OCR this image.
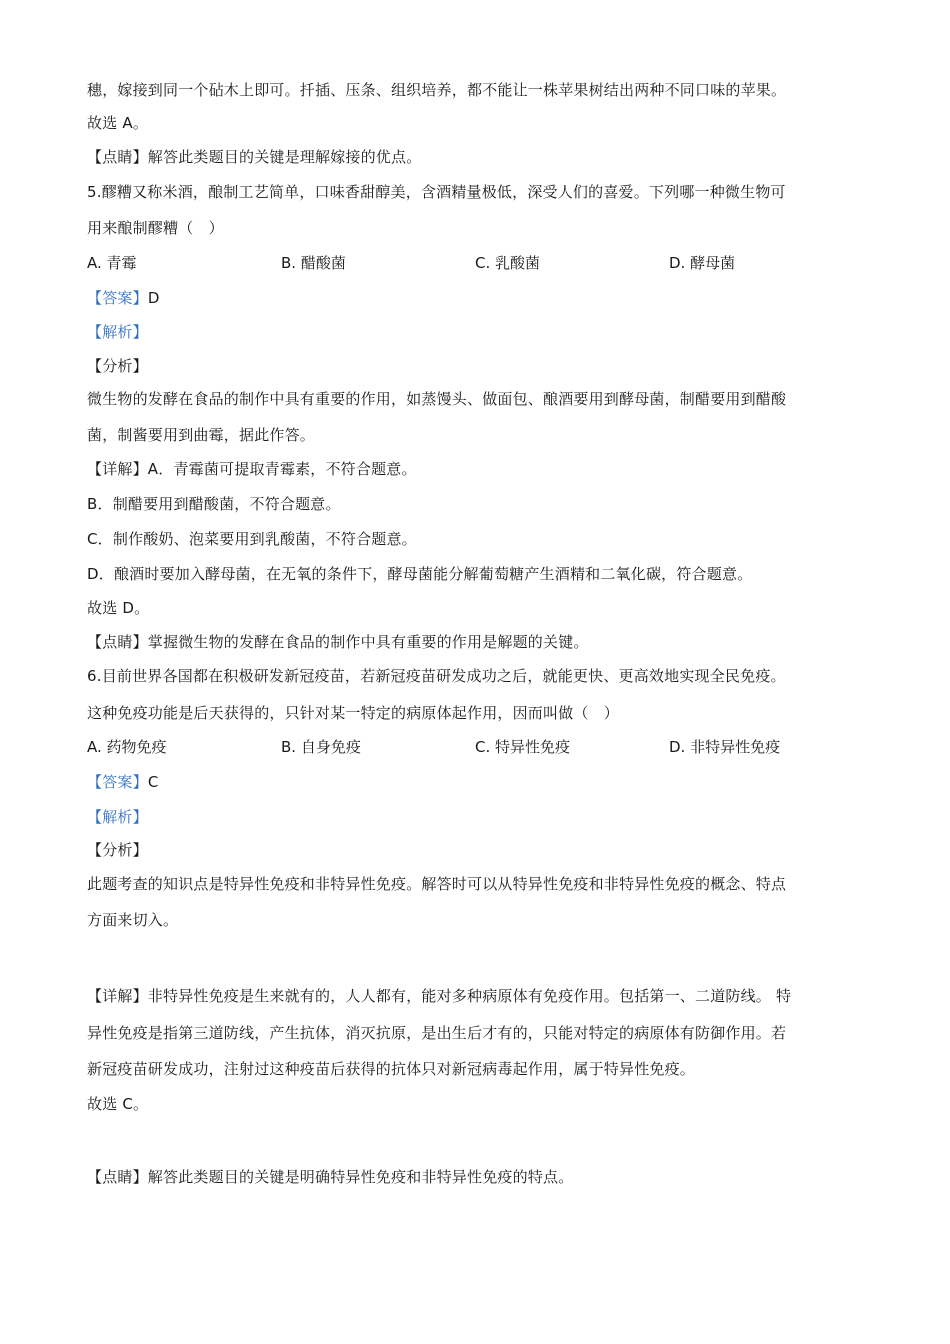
穗，嫁接到同一个砧木上即可。扦插、压条、组织培养，都不能让一株苹果树结出两种不同口味的苹果。
故选 A。
【点睛】解答此类题目的关键是理解嫁接的优点。
5.醪糟又称米酒，酿制工艺简单，口味香甜醇美，含酒精量极低，深受人们的喜爱。下列哪一种微生物可
用来酿制醪糟（　）
A. 青霉	B. 醋酸菌	C. 乳酸菌	D. 酵母菌
【答案】D
【解析】
【分析】
微生物的发酵在食品的制作中具有重要的作用，如蒸馒头、做面包、酿酒要用到酵母菌，制醋要用到醋酸
菌，制酱要用到曲霉，据此作答。
【详解】A．青霉菌可提取青霉素，不符合题意。
B．制醋要用到醋酸菌，不符合题意。
C．制作酸奶、泡菜要用到乳酸菌，不符合题意。
D．酿酒时要加入酵母菌，在无氧的条件下，酵母菌能分解葡萄糖产生酒精和二氧化碳，符合题意。
故选 D。
【点睛】掌握微生物的发酵在食品的制作中具有重要的作用是解题的关键。
6.目前世界各国都在积极研发新冠疫苗，若新冠疫苗研发成功之后，就能更快、更高效地实现全民免疫。
这种免疫功能是后天获得的，只针对某一特定的病原体起作用，因而叫做（　）
A. 药物免疫	B. 自身免疫	C. 特异性免疫	D. 非特异性免疫
【答案】C
【解析】
【分析】
此题考查的知识点是特异性免疫和非特异性免疫。解答时可以从特异性免疫和非特异性免疫的概念、特点
方面来切入。
【详解】非特异性免疫是生来就有的，人人都有，能对多种病原体有免疫作用。包括第一、二道防线。 特
异性免疫是指第三道防线，产生抗体，消灭抗原，是出生后才有的，只能对特定的病原体有防御作用。若
新冠疫苗研发成功，注射过这种疫苗后获得的抗体只对新冠病毒起作用，属于特异性免疫。
故选 C。
【点睛】解答此类题目的关键是明确特异性免疫和非特异性免疫的特点。
